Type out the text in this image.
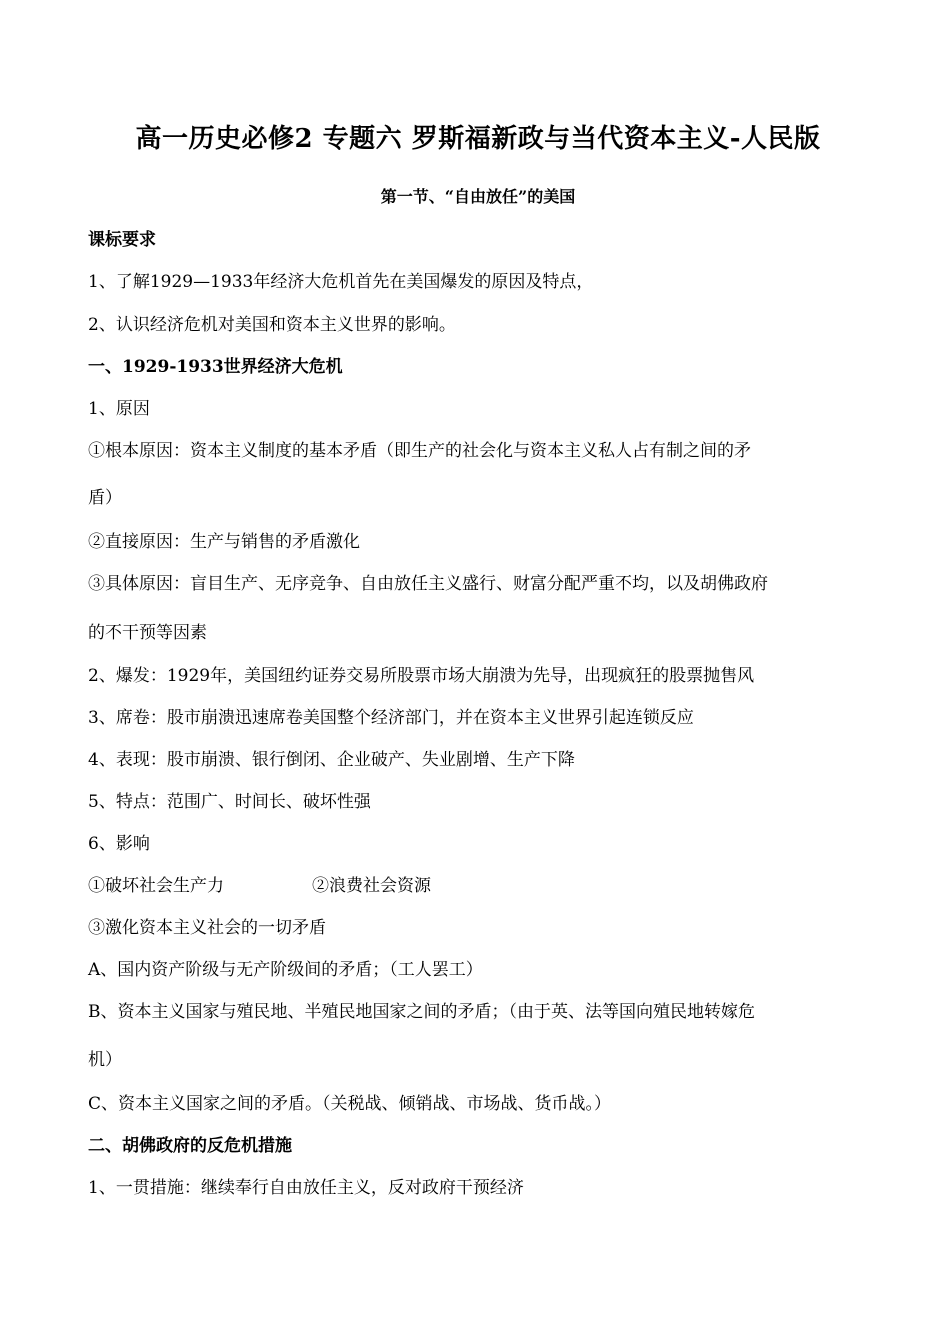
高一历史必修2 专题六 罗斯福新政与当代资本主义-人民版
第一节、“自由放任”的美国
课标要求
1、了解1929—1933年经济大危机首先在美国爆发的原因及特点，
2、认识经济危机对美国和资本主义世界的影响。
一、1929-1933世界经济大危机
1、原因
①根本原因：资本主义制度的基本矛盾（即生产的社会化与资本主义私人占有制之间的矛
盾）
②直接原因：生产与销售的矛盾激化
③具体原因：盲目生产、无序竞争、自由放任主义盛行、财富分配严重不均，以及胡佛政府
的不干预等因素
2、爆发：1929年，美国纽约证券交易所股票市场大崩溃为先导，出现疯狂的股票抛售风
3、席卷：股市崩溃迅速席卷美国整个经济部门，并在资本主义世界引起连锁反应
4、表现：股市崩溃、银行倒闭、企业破产、失业剧增、生产下降
5、特点：范围广、时间长、破坏性强
6、影响
①破坏社会生产力	②浪费社会资源
③激化资本主义社会的一切矛盾
A、国内资产阶级与无产阶级间的矛盾；（工人罢工）
B、资本主义国家与殖民地、半殖民地国家之间的矛盾；（由于英、法等国向殖民地转嫁危
机）
C、资本主义国家之间的矛盾。（关税战、倾销战、市场战、货币战。）
二、胡佛政府的反危机措施
1、一贯措施：继续奉行自由放任主义，反对政府干预经济
